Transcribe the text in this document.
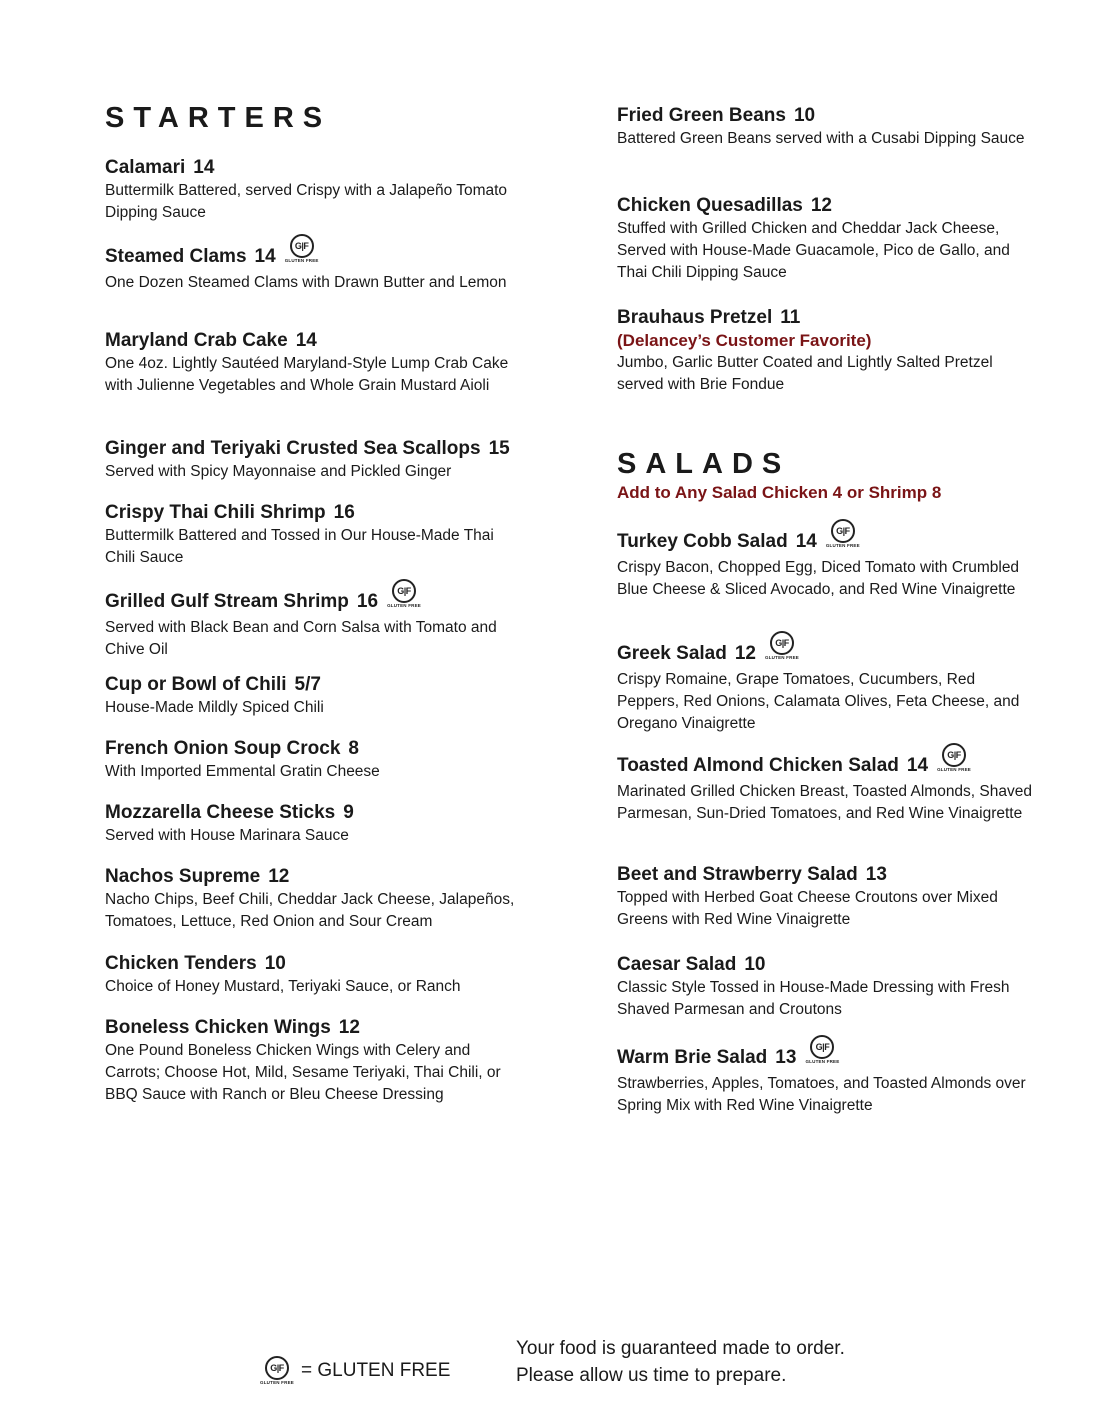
STARTERS
Calamari 14
Buttermilk Battered, served Crispy with a Jalapeño Tomato Dipping Sauce
Steamed Clams 14
G|F
GLUTEN FREE
One Dozen Steamed Clams with Drawn Butter and Lemon
Maryland Crab Cake 14
One 4oz. Lightly Sautéed Maryland-Style Lump Crab Cake with Julienne Vegetables and Whole Grain Mustard Aioli
Ginger and Teriyaki Crusted Sea Scallops 15
Served with Spicy Mayonnaise and Pickled Ginger
Crispy Thai Chili Shrimp 16
Buttermilk Battered and Tossed in Our House-Made Thai Chili Sauce
Grilled Gulf Stream Shrimp 16
G|F
GLUTEN FREE
Served with Black Bean and Corn Salsa with Tomato and Chive Oil
Cup or Bowl of Chili 5/7
House-Made Mildly Spiced Chili
French Onion Soup Crock 8
With Imported Emmental Gratin Cheese
Mozzarella Cheese Sticks 9
Served with House Marinara Sauce
Nachos Supreme 12
Nacho Chips, Beef Chili, Cheddar Jack Cheese, Jalapeños, Tomatoes, Lettuce, Red Onion and Sour Cream
Chicken Tenders 10
Choice of Honey Mustard, Teriyaki Sauce, or Ranch
Boneless Chicken Wings 12
One Pound Boneless Chicken Wings with Celery and Carrots; Choose Hot, Mild, Sesame Teriyaki, Thai Chili, or BBQ Sauce with Ranch or Bleu Cheese Dressing
Fried Green Beans 10
Battered Green Beans served with a Cusabi Dipping Sauce
Chicken Quesadillas 12
Stuffed with Grilled Chicken and Cheddar Jack Cheese, Served with House-Made Guacamole, Pico de Gallo, and Thai Chili Dipping Sauce
Brauhaus Pretzel 11
(Delancey’s Customer Favorite)
Jumbo, Garlic Butter Coated and Lightly Salted Pretzel served with Brie Fondue
SALADS
Add to Any Salad Chicken 4 or Shrimp 8
Turkey Cobb Salad 14
G|F
GLUTEN FREE
Crispy Bacon, Chopped Egg, Diced Tomato with Crumbled Blue Cheese & Sliced Avocado, and Red Wine Vinaigrette
Greek Salad 12
G|F
GLUTEN FREE
Crispy Romaine, Grape Tomatoes, Cucumbers, Red Peppers, Red Onions, Calamata Olives, Feta Cheese, and Oregano Vinaigrette
Toasted Almond Chicken Salad 14
G|F
GLUTEN FREE
Marinated Grilled Chicken Breast, Toasted Almonds, Shaved Parmesan, Sun-Dried Tomatoes, and Red Wine Vinaigrette
Beet and Strawberry Salad 13
Topped with Herbed Goat Cheese Croutons over Mixed Greens with Red Wine Vinaigrette
Caesar Salad 10
Classic Style Tossed in House-Made Dressing with Fresh Shaved Parmesan and Croutons
Warm Brie Salad 13
G|F
GLUTEN FREE
Strawberries, Apples, Tomatoes, and Toasted Almonds over Spring Mix with Red Wine Vinaigrette
G|F
GLUTEN FREE
= GLUTEN FREE
Your food is guaranteed made to order.
Please allow us time to prepare.
